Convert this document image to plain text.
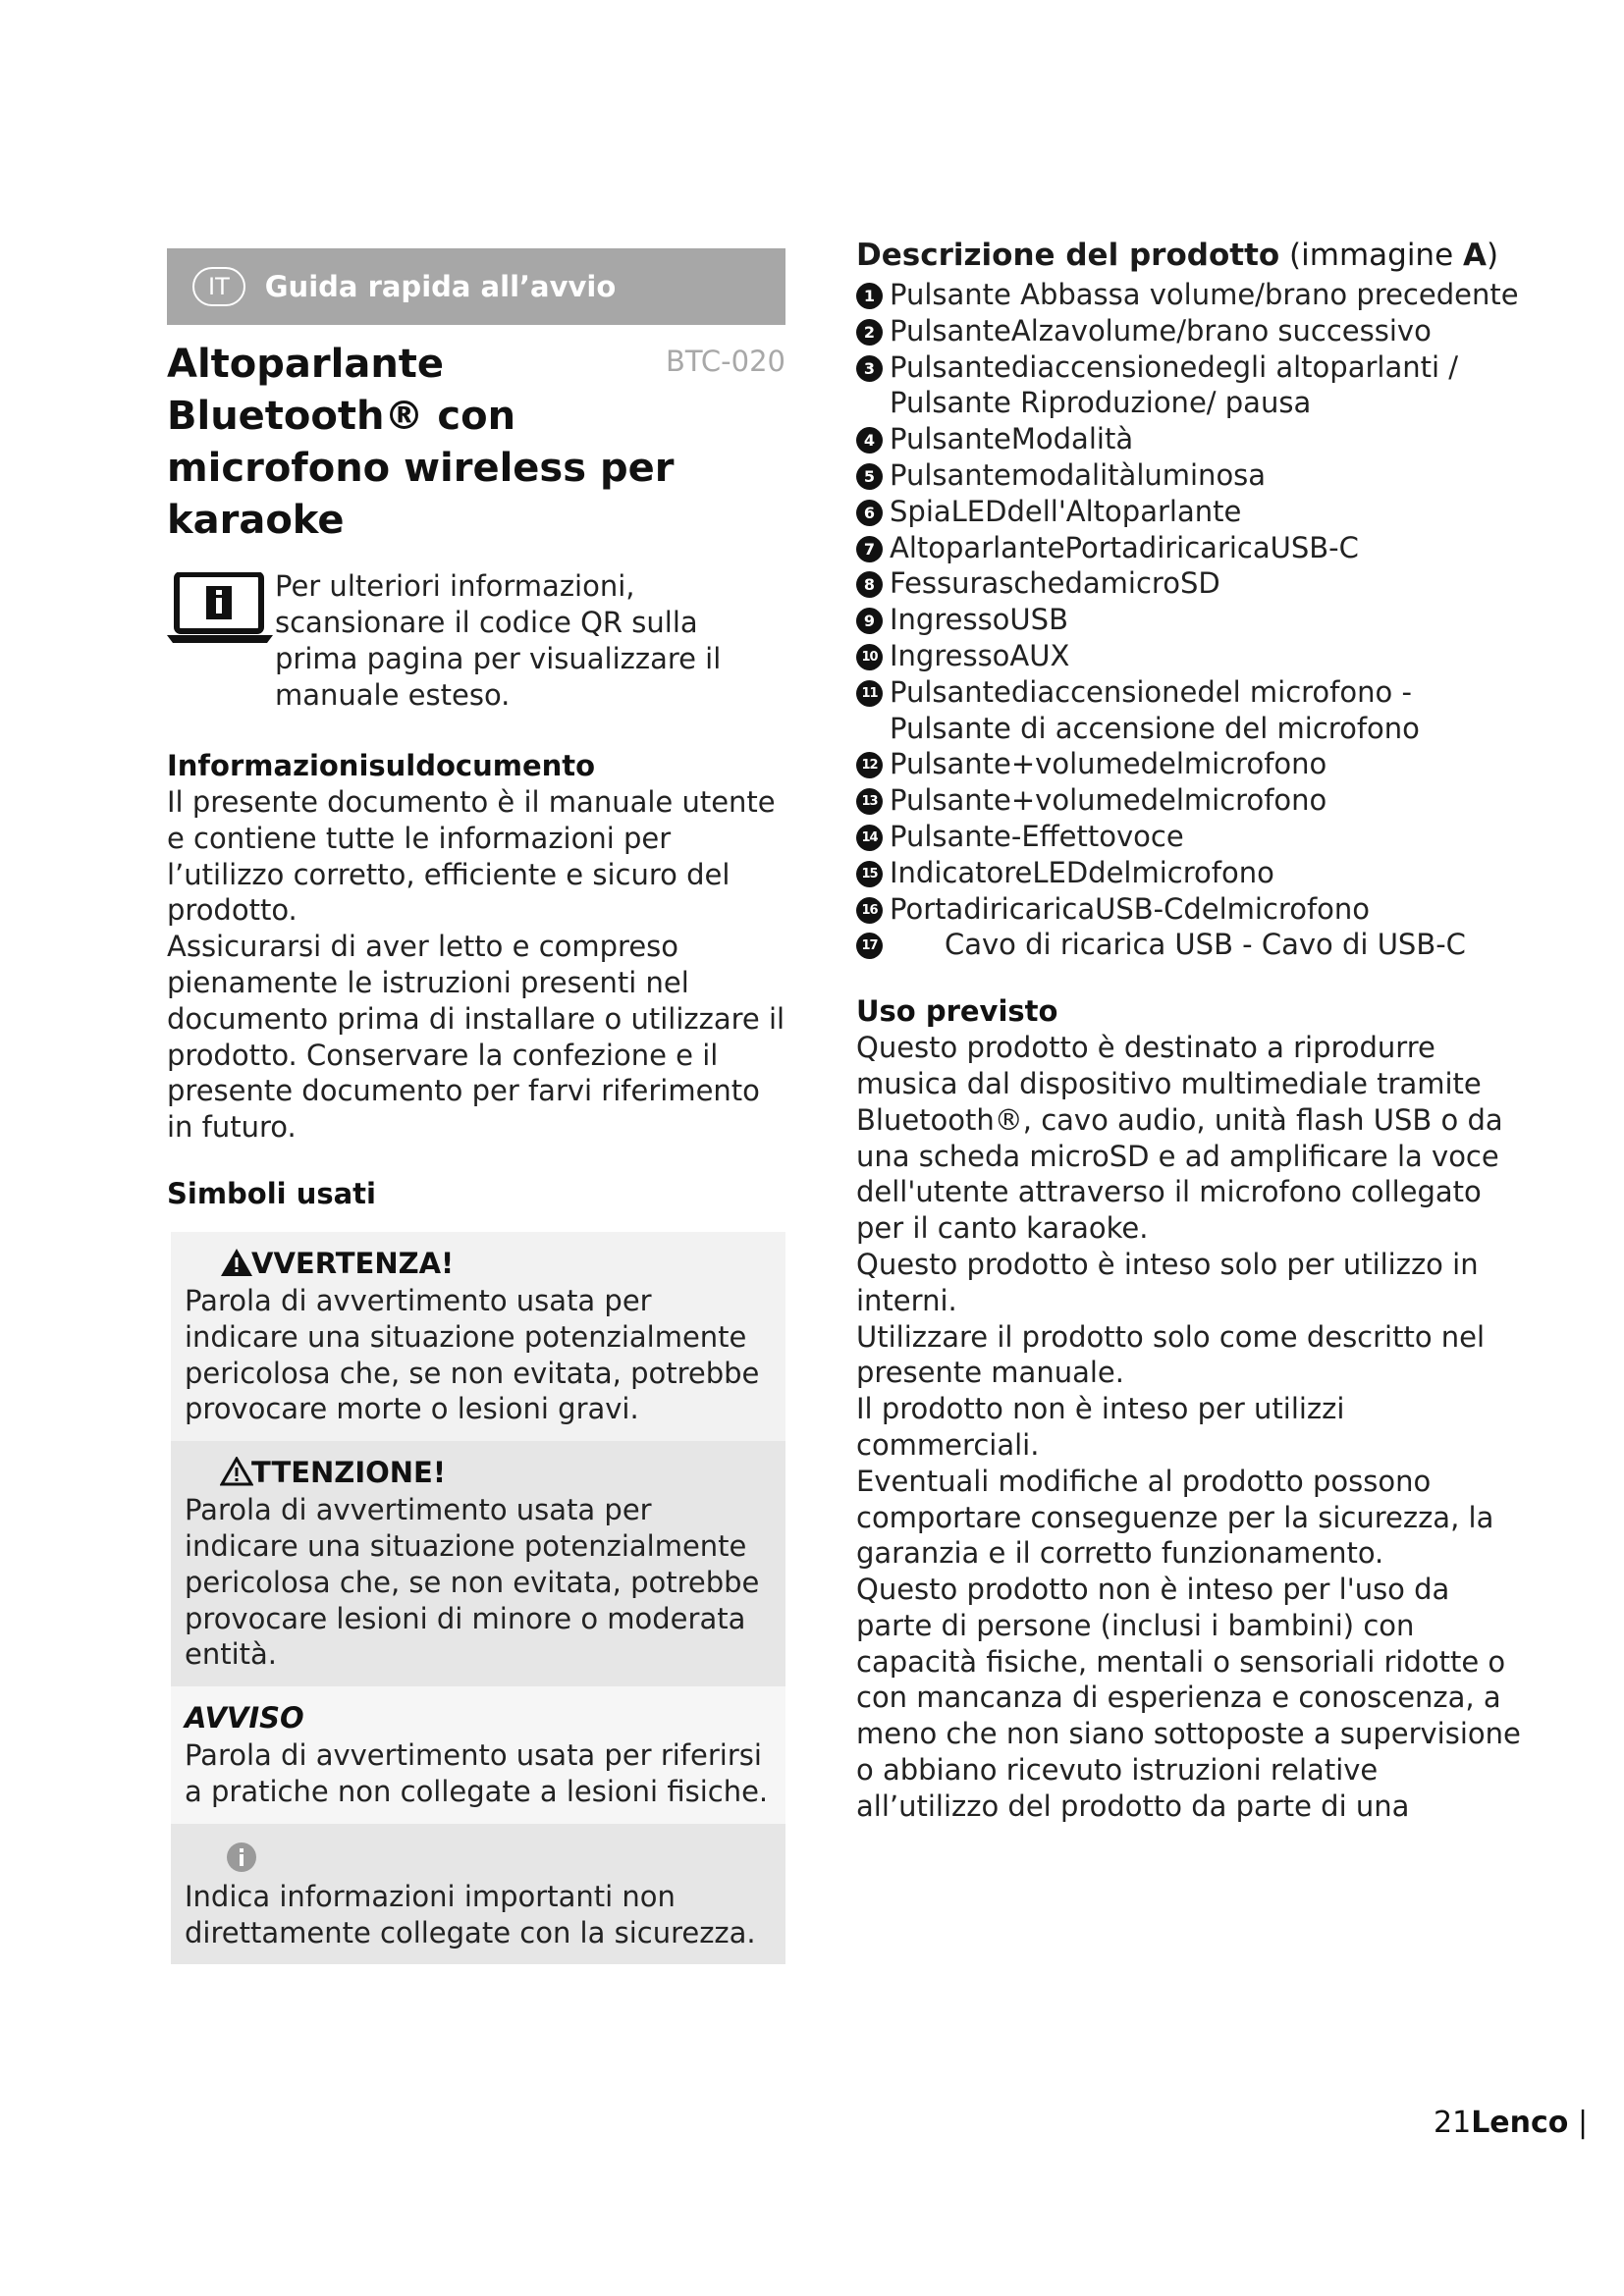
IT	Guida rapida all’avvio
Altoparlante Bluetooth® con microfono wireless per karaoke
BTC-020

Per ulteriori informazioni, scansionare il codice QR sulla prima pagina per visualizzare il manuale esteso.

Informazionisuldocumento

Il presente documento è il manuale utente e contiene tutte le informazioni per l’utilizzo corretto, efficiente e sicuro del prodotto.

Assicurarsi di aver letto e compreso pienamente le istruzioni presenti nel documento prima di installare o utilizzare il prodotto. Conservare la confezione e il presente documento per farvi riferimento in futuro.

Simboli usati
VVERTENZA!

Parola di avvertimento usata per indicare una situazione potenzialmente pericolosa che, se non evitata, potrebbe provocare morte o lesioni gravi.

TTENZIONE!

Parola di avvertimento usata per indicare una situazione potenzialmente pericolosa che, se non evitata, potrebbe provocare lesioni di minore o moderata entità.

AVVISO

Parola di avvertimento usata per riferirsi a pratiche non collegate a lesioni fisiche.

Indica informazioni importanti non direttamente collegate con la sicurezza.

Descrizione del prodotto (immagine A)

1 Pulsante Abbassa volume/brano precedente
2 PulsanteAlzavolume/brano successivo
3 Pulsantediaccensionedegli altoparlanti / Pulsante Riproduzione/ pausa
4 PulsanteModalità
5 Pulsantemodalitàluminosa
6 SpiaLEDdell'Altoparlante
7 AltoparlantePortadiricaricaUSB-C
8 FessuraschedamicroSD
9 IngressoUSB
10 IngressoAUX
11 Pulsantediaccensionedel microfono - Pulsante di accensione del microfono
12 Pulsante+volumedelmicrofono
13 Pulsante+volumedelmicrofono
14 Pulsante-Effettovoce
15 IndicatoreLEDdelmicrofono
16 PortadiricaricaUSB-Cdelmicrofono
17 Cavo di ricarica USB - Cavo di USB-C
Uso previsto

Questo prodotto è destinato a riprodurre musica dal dispositivo multimediale tramite Bluetooth®, cavo audio, unità flash USB o da una scheda microSD e ad amplificare la voce dell'utente attraverso il microfono collegato per il canto karaoke.

Questo prodotto è inteso solo per utilizzo in interni.

Utilizzare il prodotto solo come descritto nel presente manuale.

Il prodotto non è inteso per utilizzi commerciali.

Eventuali modifiche al prodotto possono comportare conseguenze per la sicurezza, la garanzia e il corretto funzionamento.

Questo prodotto non è inteso per l'uso da parte di persone (inclusi i bambini) con capacità fisiche, mentali o sensoriali ridotte o con mancanza di esperienza e conoscenza, a meno che non siano sottoposte a supervisione o abbiano ricevuto istruzioni relative all’utilizzo del prodotto da parte di una

21Lenco |
